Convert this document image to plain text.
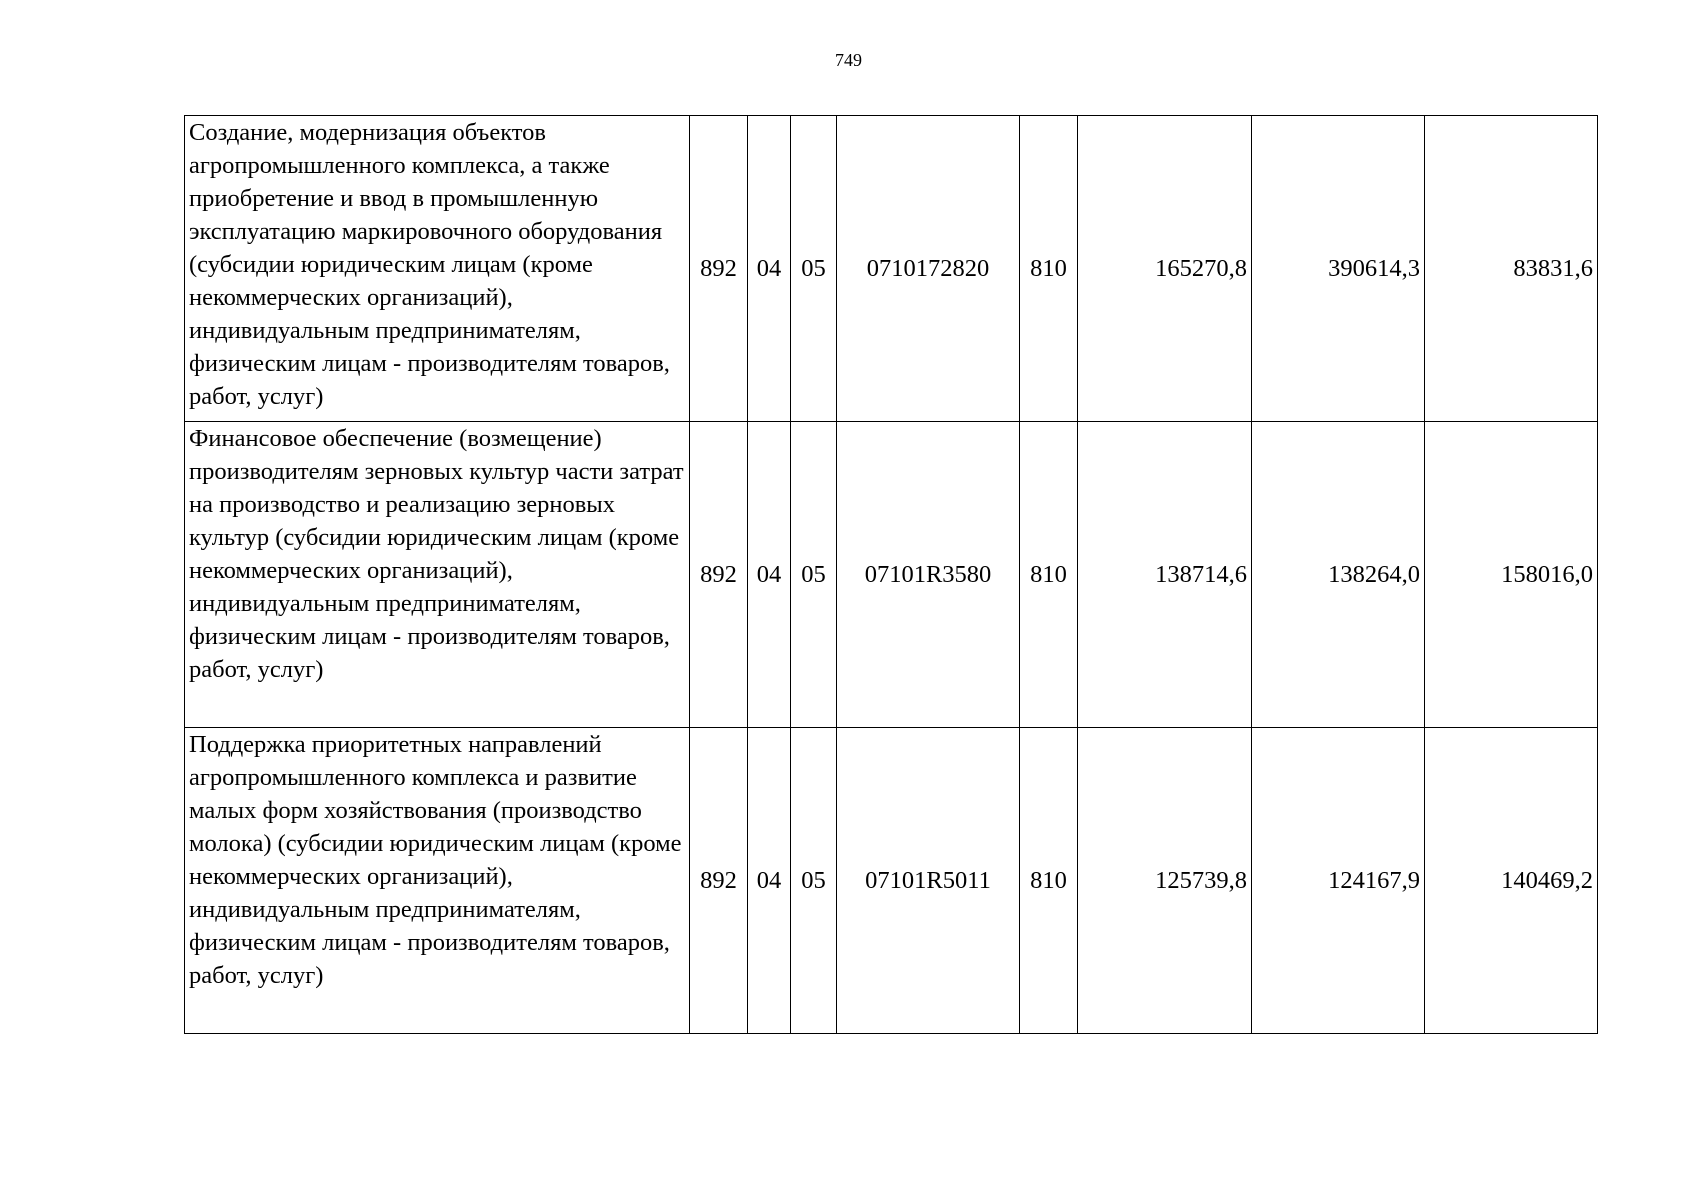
749
Создание, модернизация объектов агропромышленного комплекса, а также приобретение и ввод в промышленную эксплуатацию маркировочного оборудования (субсидии юридическим лицам (кроме некоммерческих организаций), индивидуальным предпринимателям, физическим лицам - производителям товаров, работ, услуг)	892	04	05	0710172820	810	165270,8	390614,3	83831,6
Финансовое обеспечение (возмещение) производителям зерновых культур части затрат на производство и реализацию зерновых культур (субсидии юридическим лицам (кроме некоммерческих организаций), индивидуальным предпринимателям, физическим лицам - производителям товаров, работ, услуг)	892	04	05	07101R3580	810	138714,6	138264,0	158016,0
Поддержка приоритетных направлений агропромышленного комплекса и развитие малых форм хозяйствования (производство молока) (субсидии юридическим лицам (кроме некоммерческих организаций), индивидуальным предпринимателям, физическим лицам - производителям товаров, работ, услуг)	892	04	05	07101R5011	810	125739,8	124167,9	140469,2
